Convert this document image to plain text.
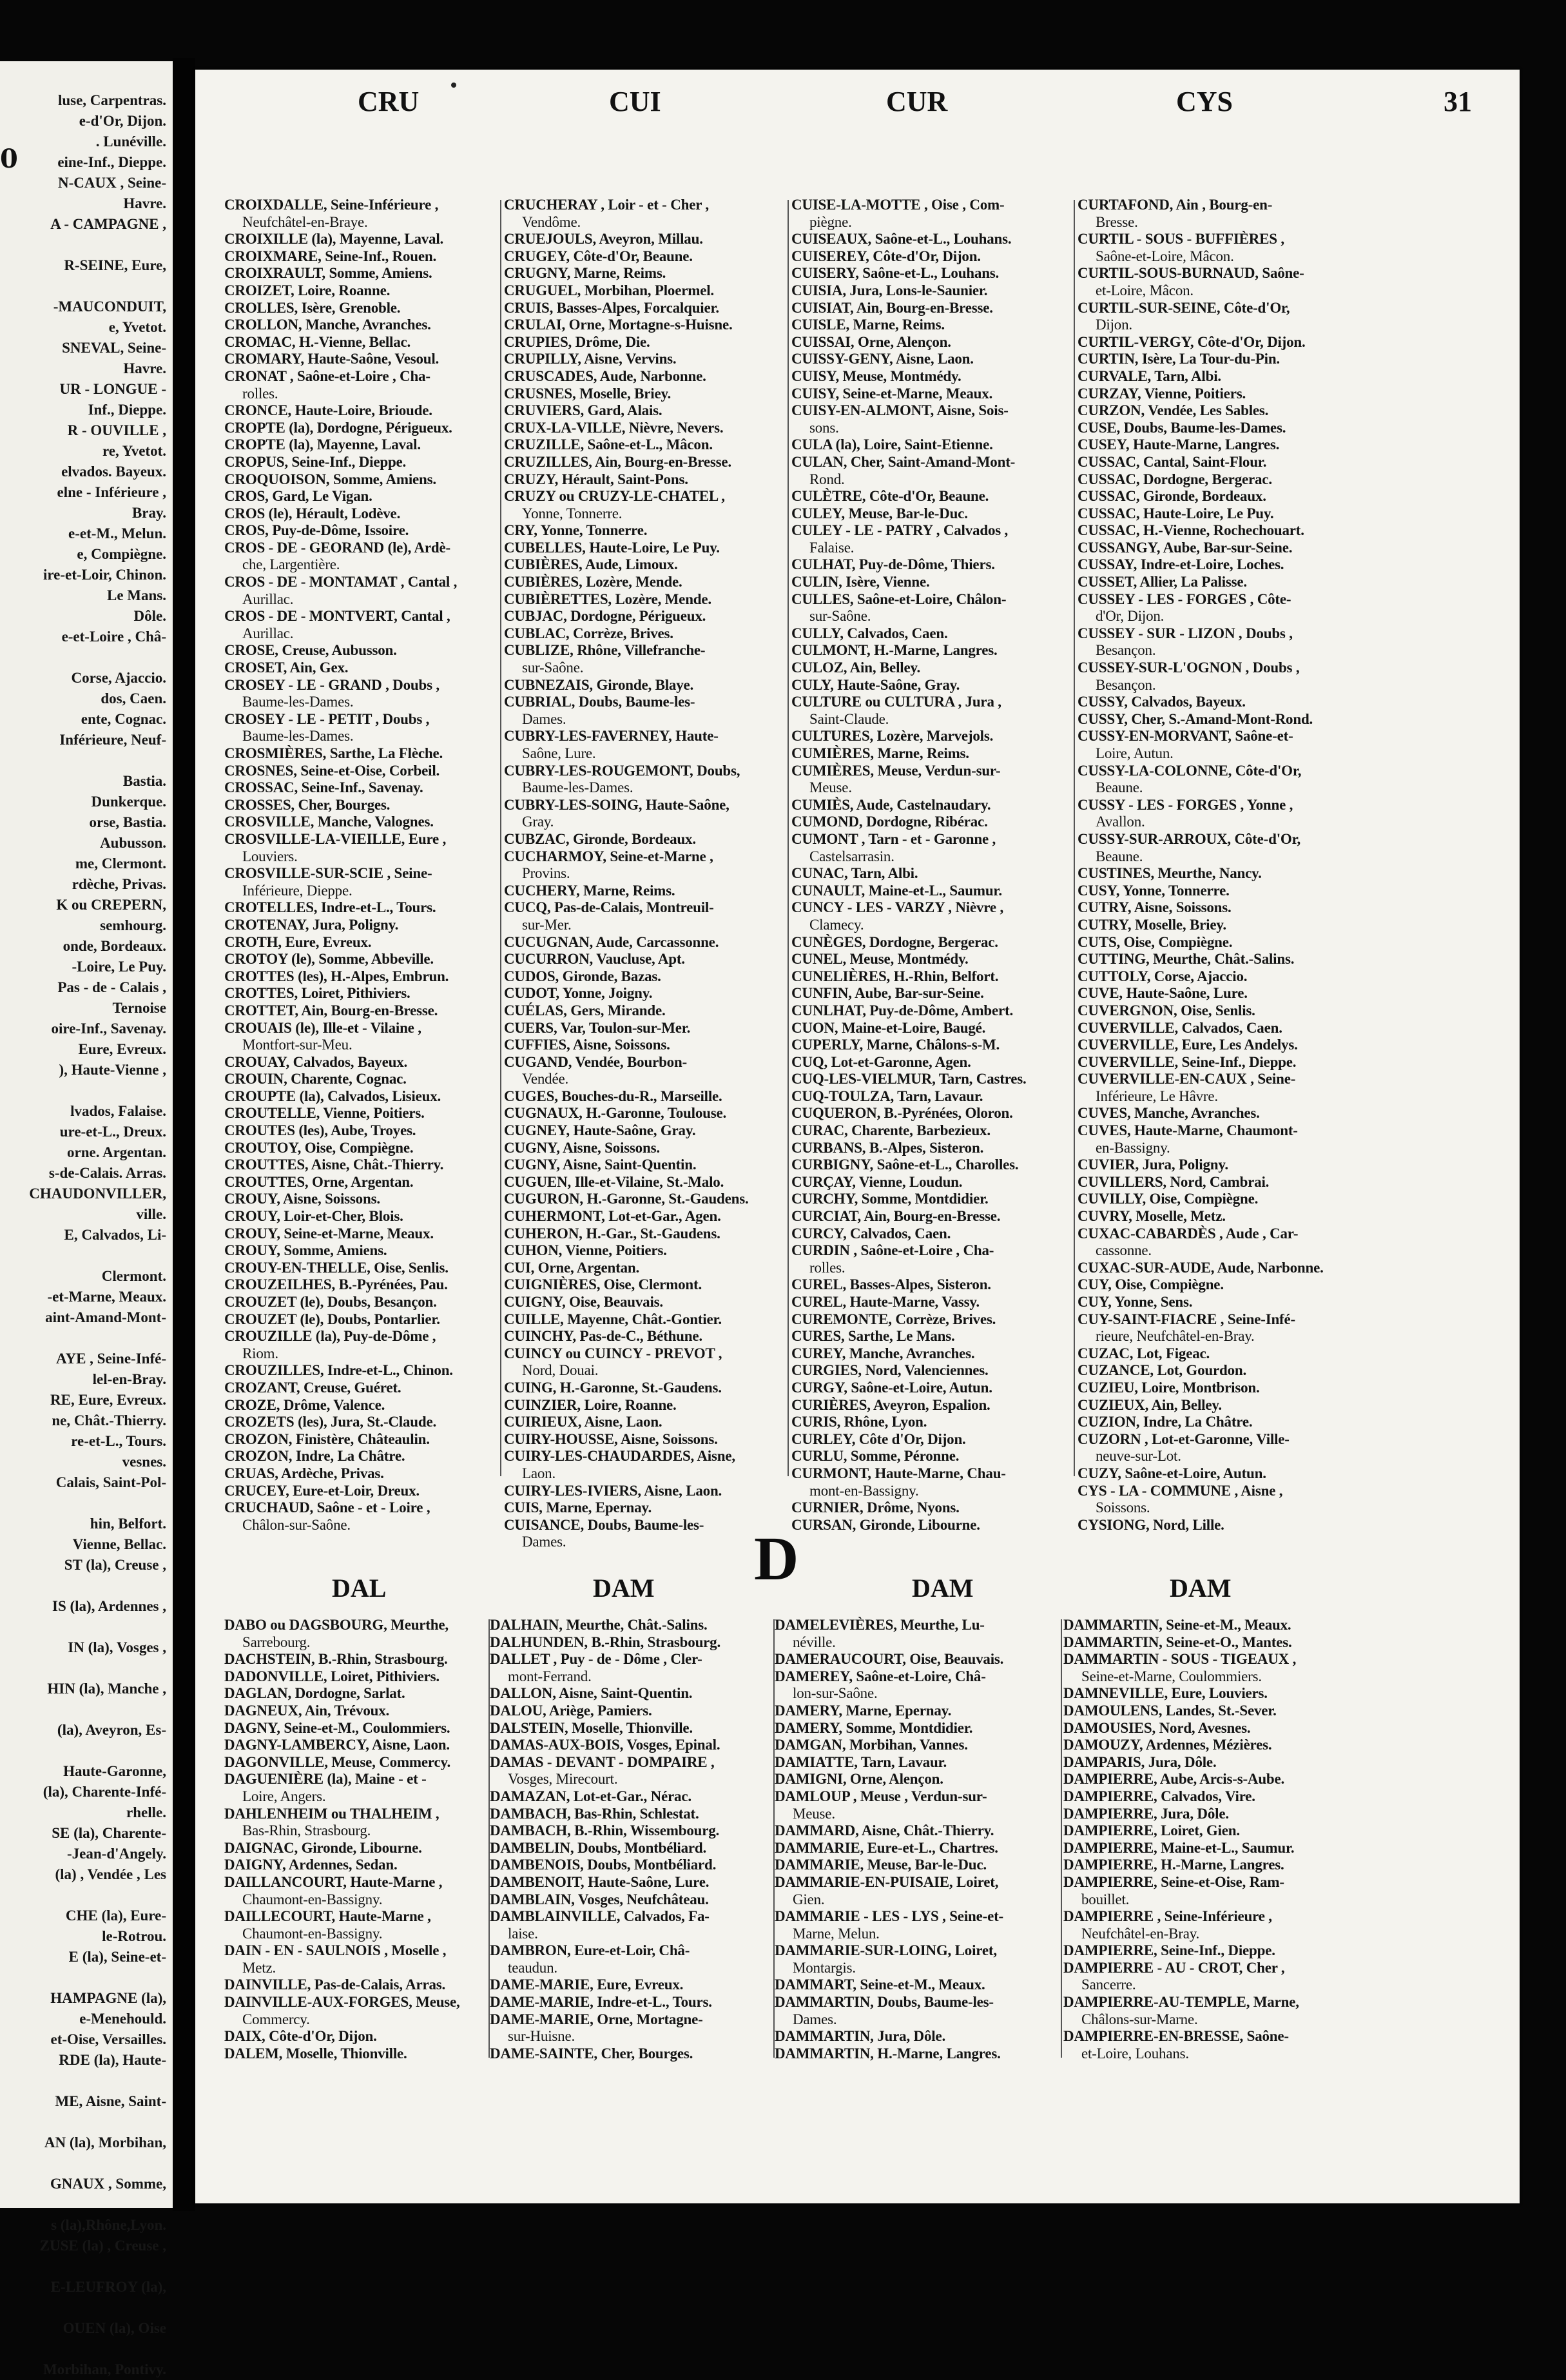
0
luse, Carpentras.
e-d'Or, Dijon.
. Lunéville.
eine-Inf., Dieppe.
N-CAUX , Seine-
Havre.
A - CAMPAGNE ,

R-SEINE, Eure,

-MAUCONDUIT,
e, Yvetot.
SNEVAL, Seine-
Havre.
UR - LONGUE -
Inf., Dieppe.
R - OUVILLE ,
re, Yvetot.
elvados. Bayeux.
elne - Inférieure ,
Bray.
e-et-M., Melun.
e, Compiègne.
ire-et-Loir, Chinon.
Le Mans.
Dôle.
e-et-Loire , Châ-

Corse, Ajaccio.
dos, Caen.
ente, Cognac.
Inférieure, Neuf-

Bastia.
Dunkerque.
orse, Bastia.
Aubusson.
me, Clermont.
rdèche, Privas.
K ou CREPERN,
semhourg.
onde, Bordeaux.
-Loire, Le Puy.
Pas - de - Calais ,
Ternoise
oire-Inf., Savenay.
Eure, Evreux.
), Haute-Vienne ,

lvados, Falaise.
ure-et-L., Dreux.
orne. Argentan.
s-de-Calais. Arras.
CHAUDONVILLER,
ville.
E, Calvados, Li-

Clermont.
-et-Marne, Meaux.
aint-Amand-Mont-

AYE , Seine-Infé-
lel-en-Bray.
RE, Eure, Evreux.
ne, Chât.-Thierry.
re-et-L., Tours.
vesnes.
Calais, Saint-Pol-

hin, Belfort.
Vienne, Bellac.
ST (la), Creuse ,

IS (la), Ardennes ,

IN (la), Vosges ,

HIN (la), Manche ,

(la), Aveyron, Es-

Haute-Garonne,
(la), Charente-Infé-
rhelle.
SE (la), Charente-
-Jean-d'Angely.
(la) , Vendée , Les

CHE (la), Eure-
le-Rotrou.
E (la), Seine-et-

HAMPAGNE (la),
e-Menehould.
et-Oise, Versailles.
RDE (la), Haute-

ME, Aisne, Saint-

AN (la), Morbihan,

GNAUX , Somme,

s (la),Rhône,Lyon.
ZUSE (la) , Creuse ,

E-LEUFROY (la),

OUEN (la), Oise

Morbihan, Pontivy.
CRU	CUI	CUR	CYS	31
CROIXDALLE, Seine-Inférieure ,
Neufchâtel-en-Braye.
CROIXILLE (la), Mayenne, Laval.
CROIXMARE, Seine-Inf., Rouen.
CROIXRAULT, Somme, Amiens.
CROIZET, Loire, Roanne.
CROLLES, Isère, Grenoble.
CROLLON, Manche, Avranches.
CROMAC, H.-Vienne, Bellac.
CROMARY, Haute-Saône, Vesoul.
CRONAT , Saône-et-Loire , Cha-
rolles.
CRONCE, Haute-Loire, Brioude.
CROPTE (la), Dordogne, Périgueux.
CROPTE (la), Mayenne, Laval.
CROPUS, Seine-Inf., Dieppe.
CROQUOISON, Somme, Amiens.
CROS, Gard, Le Vigan.
CROS (le), Hérault, Lodève.
CROS, Puy-de-Dôme, Issoire.
CROS - DE - GEORAND (le), Ardè-
che, Largentière.
CROS - DE - MONTAMAT , Cantal ,
Aurillac.
CROS - DE - MONTVERT, Cantal ,
Aurillac.
CROSE, Creuse, Aubusson.
CROSET, Ain, Gex.
CROSEY - LE - GRAND , Doubs ,
Baume-les-Dames.
CROSEY - LE - PETIT , Doubs ,
Baume-les-Dames.
CROSMIÈRES, Sarthe, La Flèche.
CROSNES, Seine-et-Oise, Corbeil.
CROSSAC, Seine-Inf., Savenay.
CROSSES, Cher, Bourges.
CROSVILLE, Manche, Valognes.
CROSVILLE-LA-VIEILLE, Eure ,
Louviers.
CROSVILLE-SUR-SCIE , Seine-
Inférieure, Dieppe.
CROTELLES, Indre-et-L., Tours.
CROTENAY, Jura, Poligny.
CROTH, Eure, Evreux.
CROTOY (le), Somme, Abbeville.
CROTTES (les), H.-Alpes, Embrun.
CROTTES, Loiret, Pithiviers.
CROTTET, Ain, Bourg-en-Bresse.
CROUAIS (le), Ille-et - Vilaine ,
Montfort-sur-Meu.
CROUAY, Calvados, Bayeux.
CROUIN, Charente, Cognac.
CROUPTE (la), Calvados, Lisieux.
CROUTELLE, Vienne, Poitiers.
CROUTES (les), Aube, Troyes.
CROUTOY, Oise, Compiègne.
CROUTTES, Aisne, Chât.-Thierry.
CROUTTES, Orne, Argentan.
CROUY, Aisne, Soissons.
CROUY, Loir-et-Cher, Blois.
CROUY, Seine-et-Marne, Meaux.
CROUY, Somme, Amiens.
CROUY-EN-THELLE, Oise, Senlis.
CROUZEILHES, B.-Pyrénées, Pau.
CROUZET (le), Doubs, Besançon.
CROUZET (le), Doubs, Pontarlier.
CROUZILLE (la), Puy-de-Dôme ,
Riom.
CROUZILLES, Indre-et-L., Chinon.
CROZANT, Creuse, Guéret.
CROZE, Drôme, Valence.
CROZETS (les), Jura, St.-Claude.
CROZON, Finistère, Châteaulin.
CROZON, Indre, La Châtre.
CRUAS, Ardèche, Privas.
CRUCEY, Eure-et-Loir, Dreux.
CRUCHAUD, Saône - et - Loire ,
Châlon-sur-Saône.
CRUCHERAY , Loir - et - Cher ,
Vendôme.
CRUEJOULS, Aveyron, Millau.
CRUGEY, Côte-d'Or, Beaune.
CRUGNY, Marne, Reims.
CRUGUEL, Morbihan, Ploermel.
CRUIS, Basses-Alpes, Forcalquier.
CRULAI, Orne, Mortagne-s-Huisne.
CRUPIES, Drôme, Die.
CRUPILLY, Aisne, Vervins.
CRUSCADES, Aude, Narbonne.
CRUSNES, Moselle, Briey.
CRUVIERS, Gard, Alais.
CRUX-LA-VILLE, Nièvre, Nevers.
CRUZILLE, Saône-et-L., Mâcon.
CRUZILLES, Ain, Bourg-en-Bresse.
CRUZY, Hérault, Saint-Pons.
CRUZY ou CRUZY-LE-CHATEL ,
Yonne, Tonnerre.
CRY, Yonne, Tonnerre.
CUBELLES, Haute-Loire, Le Puy.
CUBIÈRES, Aude, Limoux.
CUBIÈRES, Lozère, Mende.
CUBIÈRETTES, Lozère, Mende.
CUBJAC, Dordogne, Périgueux.
CUBLAC, Corrèze, Brives.
CUBLIZE, Rhône, Villefranche-
sur-Saône.
CUBNEZAIS, Gironde, Blaye.
CUBRIAL, Doubs, Baume-les-
Dames.
CUBRY-LES-FAVERNEY, Haute-
Saône, Lure.
CUBRY-LES-ROUGEMONT, Doubs,
Baume-les-Dames.
CUBRY-LES-SOING, Haute-Saône,
Gray.
CUBZAC, Gironde, Bordeaux.
CUCHARMOY, Seine-et-Marne ,
Provins.
CUCHERY, Marne, Reims.
CUCQ, Pas-de-Calais, Montreuil-
sur-Mer.
CUCUGNAN, Aude, Carcassonne.
CUCURRON, Vaucluse, Apt.
CUDOS, Gironde, Bazas.
CUDOT, Yonne, Joigny.
CUÉLAS, Gers, Mirande.
CUERS, Var, Toulon-sur-Mer.
CUFFIES, Aisne, Soissons.
CUGAND, Vendée, Bourbon-
Vendée.
CUGES, Bouches-du-R., Marseille.
CUGNAUX, H.-Garonne, Toulouse.
CUGNEY, Haute-Saône, Gray.
CUGNY, Aisne, Soissons.
CUGNY, Aisne, Saint-Quentin.
CUGUEN, Ille-et-Vilaine, St.-Malo.
CUGURON, H.-Garonne, St.-Gaudens.
CUHERMONT, Lot-et-Gar., Agen.
CUHERON, H.-Gar., St.-Gaudens.
CUHON, Vienne, Poitiers.
CUI, Orne, Argentan.
CUIGNIÈRES, Oise, Clermont.
CUIGNY, Oise, Beauvais.
CUILLE, Mayenne, Chât.-Gontier.
CUINCHY, Pas-de-C., Béthune.
CUINCY ou CUINCY - PREVOT ,
Nord, Douai.
CUING, H.-Garonne, St.-Gaudens.
CUINZIER, Loire, Roanne.
CUIRIEUX, Aisne, Laon.
CUIRY-HOUSSE, Aisne, Soissons.
CUIRY-LES-CHAUDARDES, Aisne,
Laon.
CUIRY-LES-IVIERS, Aisne, Laon.
CUIS, Marne, Epernay.
CUISANCE, Doubs, Baume-les-
Dames.
CUISE-LA-MOTTE , Oise , Com-
piègne.
CUISEAUX, Saône-et-L., Louhans.
CUISEREY, Côte-d'Or, Dijon.
CUISERY, Saône-et-L., Louhans.
CUISIA, Jura, Lons-le-Saunier.
CUISIAT, Ain, Bourg-en-Bresse.
CUISLE, Marne, Reims.
CUISSAI, Orne, Alençon.
CUISSY-GENY, Aisne, Laon.
CUISY, Meuse, Montmédy.
CUISY, Seine-et-Marne, Meaux.
CUISY-EN-ALMONT, Aisne, Sois-
sons.
CULA (la), Loire, Saint-Etienne.
CULAN, Cher, Saint-Amand-Mont-
Rond.
CULÈTRE, Côte-d'Or, Beaune.
CULEY, Meuse, Bar-le-Duc.
CULEY - LE - PATRY , Calvados ,
Falaise.
CULHAT, Puy-de-Dôme, Thiers.
CULIN, Isère, Vienne.
CULLES, Saône-et-Loire, Châlon-
sur-Saône.
CULLY, Calvados, Caen.
CULMONT, H.-Marne, Langres.
CULOZ, Ain, Belley.
CULY, Haute-Saône, Gray.
CULTURE ou CULTURA , Jura ,
Saint-Claude.
CULTURES, Lozère, Marvejols.
CUMIÈRES, Marne, Reims.
CUMIÈRES, Meuse, Verdun-sur-
Meuse.
CUMIÈS, Aude, Castelnaudary.
CUMOND, Dordogne, Ribérac.
CUMONT , Tarn - et - Garonne ,
Castelsarrasin.
CUNAC, Tarn, Albi.
CUNAULT, Maine-et-L., Saumur.
CUNCY - LES - VARZY , Nièvre ,
Clamecy.
CUNÈGES, Dordogne, Bergerac.
CUNEL, Meuse, Montmédy.
CUNELIÈRES, H.-Rhin, Belfort.
CUNFIN, Aube, Bar-sur-Seine.
CUNLHAT, Puy-de-Dôme, Ambert.
CUON, Maine-et-Loire, Baugé.
CUPERLY, Marne, Châlons-s-M.
CUQ, Lot-et-Garonne, Agen.
CUQ-LES-VIELMUR, Tarn, Castres.
CUQ-TOULZA, Tarn, Lavaur.
CUQUERON, B.-Pyrénées, Oloron.
CURAC, Charente, Barbezieux.
CURBANS, B.-Alpes, Sisteron.
CURBIGNY, Saône-et-L., Charolles.
CURÇAY, Vienne, Loudun.
CURCHY, Somme, Montdidier.
CURCIAT, Ain, Bourg-en-Bresse.
CURCY, Calvados, Caen.
CURDIN , Saône-et-Loire , Cha-
rolles.
CUREL, Basses-Alpes, Sisteron.
CUREL, Haute-Marne, Vassy.
CUREMONTE, Corrèze, Brives.
CURES, Sarthe, Le Mans.
CUREY, Manche, Avranches.
CURGIES, Nord, Valenciennes.
CURGY, Saône-et-Loire, Autun.
CURIÈRES, Aveyron, Espalion.
CURIS, Rhône, Lyon.
CURLEY, Côte d'Or, Dijon.
CURLU, Somme, Péronne.
CURMONT, Haute-Marne, Chau-
mont-en-Bassigny.
CURNIER, Drôme, Nyons.
CURSAN, Gironde, Libourne.
CURTAFOND, Ain , Bourg-en-
Bresse.
CURTIL - SOUS - BUFFIÈRES ,
Saône-et-Loire, Mâcon.
CURTIL-SOUS-BURNAUD, Saône-
et-Loire, Mâcon.
CURTIL-SUR-SEINE, Côte-d'Or,
Dijon.
CURTIL-VERGY, Côte-d'Or, Dijon.
CURTIN, Isère, La Tour-du-Pin.
CURVALE, Tarn, Albi.
CURZAY, Vienne, Poitiers.
CURZON, Vendée, Les Sables.
CUSE, Doubs, Baume-les-Dames.
CUSEY, Haute-Marne, Langres.
CUSSAC, Cantal, Saint-Flour.
CUSSAC, Dordogne, Bergerac.
CUSSAC, Gironde, Bordeaux.
CUSSAC, Haute-Loire, Le Puy.
CUSSAC, H.-Vienne, Rochechouart.
CUSSANGY, Aube, Bar-sur-Seine.
CUSSAY, Indre-et-Loire, Loches.
CUSSET, Allier, La Palisse.
CUSSEY - LES - FORGES , Côte-
d'Or, Dijon.
CUSSEY - SUR - LIZON , Doubs ,
Besançon.
CUSSEY-SUR-L'OGNON , Doubs ,
Besançon.
CUSSY, Calvados, Bayeux.
CUSSY, Cher, S.-Amand-Mont-Rond.
CUSSY-EN-MORVANT, Saône-et-
Loire, Autun.
CUSSY-LA-COLONNE, Côte-d'Or,
Beaune.
CUSSY - LES - FORGES , Yonne ,
Avallon.
CUSSY-SUR-ARROUX, Côte-d'Or,
Beaune.
CUSTINES, Meurthe, Nancy.
CUSY, Yonne, Tonnerre.
CUTRY, Aisne, Soissons.
CUTRY, Moselle, Briey.
CUTS, Oise, Compiègne.
CUTTING, Meurthe, Chât.-Salins.
CUTTOLY, Corse, Ajaccio.
CUVE, Haute-Saône, Lure.
CUVERGNON, Oise, Senlis.
CUVERVILLE, Calvados, Caen.
CUVERVILLE, Eure, Les Andelys.
CUVERVILLE, Seine-Inf., Dieppe.
CUVERVILLE-EN-CAUX , Seine-
Inférieure, Le Hâvre.
CUVES, Manche, Avranches.
CUVES, Haute-Marne, Chaumont-
en-Bassigny.
CUVIER, Jura, Poligny.
CUVILLERS, Nord, Cambrai.
CUVILLY, Oise, Compiègne.
CUVRY, Moselle, Metz.
CUXAC-CABARDÈS , Aude , Car-
cassonne.
CUXAC-SUR-AUDE, Aude, Narbonne.
CUY, Oise, Compiègne.
CUY, Yonne, Sens.
CUY-SAINT-FIACRE , Seine-Infé-
rieure, Neufchâtel-en-Bray.
CUZAC, Lot, Figeac.
CUZANCE, Lot, Gourdon.
CUZIEU, Loire, Montbrison.
CUZIEUX, Ain, Belley.
CUZION, Indre, La Châtre.
CUZORN , Lot-et-Garonne, Ville-
neuve-sur-Lot.
CUZY, Saône-et-Loire, Autun.
CYS - LA - COMMUNE , Aisne ,
Soissons.
CYSIONG, Nord, Lille.
D
DAL	DAM	DAM	DAM
DABO ou DAGSBOURG, Meurthe,
Sarrebourg.
DACHSTEIN, B.-Rhin, Strasbourg.
DADONVILLE, Loiret, Pithiviers.
DAGLAN, Dordogne, Sarlat.
DAGNEUX, Ain, Trévoux.
DAGNY, Seine-et-M., Coulommiers.
DAGNY-LAMBERCY, Aisne, Laon.
DAGONVILLE, Meuse, Commercy.
DAGUENIÈRE (la), Maine - et -
Loire, Angers.
DAHLENHEIM ou THALHEIM ,
Bas-Rhin, Strasbourg.
DAIGNAC, Gironde, Libourne.
DAIGNY, Ardennes, Sedan.
DAILLANCOURT, Haute-Marne ,
Chaumont-en-Bassigny.
DAILLECOURT, Haute-Marne ,
Chaumont-en-Bassigny.
DAIN - EN - SAULNOIS , Moselle ,
Metz.
DAINVILLE, Pas-de-Calais, Arras.
DAINVILLE-AUX-FORGES, Meuse,
Commercy.
DAIX, Côte-d'Or, Dijon.
DALEM, Moselle, Thionville.
DALHAIN, Meurthe, Chât.-Salins.
DALHUNDEN, B.-Rhin, Strasbourg.
DALLET , Puy - de - Dôme , Cler-
mont-Ferrand.
DALLON, Aisne, Saint-Quentin.
DALOU, Ariège, Pamiers.
DALSTEIN, Moselle, Thionville.
DAMAS-AUX-BOIS, Vosges, Epinal.
DAMAS - DEVANT - DOMPAIRE ,
Vosges, Mirecourt.
DAMAZAN, Lot-et-Gar., Nérac.
DAMBACH, Bas-Rhin, Schlestat.
DAMBACH, B.-Rhin, Wissembourg.
DAMBELIN, Doubs, Montbéliard.
DAMBENOIS, Doubs, Montbéliard.
DAMBENOIT, Haute-Saône, Lure.
DAMBLAIN, Vosges, Neufchâteau.
DAMBLAINVILLE, Calvados, Fa-
laise.
DAMBRON, Eure-et-Loir, Châ-
teaudun.
DAME-MARIE, Eure, Evreux.
DAME-MARIE, Indre-et-L., Tours.
DAME-MARIE, Orne, Mortagne-
sur-Huisne.
DAME-SAINTE, Cher, Bourges.
DAMELEVIÈRES, Meurthe, Lu-
néville.
DAMERAUCOURT, Oise, Beauvais.
DAMEREY, Saône-et-Loire, Châ-
lon-sur-Saône.
DAMERY, Marne, Epernay.
DAMERY, Somme, Montdidier.
DAMGAN, Morbihan, Vannes.
DAMIATTE, Tarn, Lavaur.
DAMIGNI, Orne, Alençon.
DAMLOUP , Meuse , Verdun-sur-
Meuse.
DAMMARD, Aisne, Chât.-Thierry.
DAMMARIE, Eure-et-L., Chartres.
DAMMARIE, Meuse, Bar-le-Duc.
DAMMARIE-EN-PUISAIE, Loiret,
Gien.
DAMMARIE - LES - LYS , Seine-et-
Marne, Melun.
DAMMARIE-SUR-LOING, Loiret,
Montargis.
DAMMART, Seine-et-M., Meaux.
DAMMARTIN, Doubs, Baume-les-
Dames.
DAMMARTIN, Jura, Dôle.
DAMMARTIN, H.-Marne, Langres.
DAMMARTIN, Seine-et-M., Meaux.
DAMMARTIN, Seine-et-O., Mantes.
DAMMARTIN - SOUS - TIGEAUX ,
Seine-et-Marne, Coulommiers.
DAMNEVILLE, Eure, Louviers.
DAMOULENS, Landes, St.-Sever.
DAMOUSIES, Nord, Avesnes.
DAMOUZY, Ardennes, Mézières.
DAMPARIS, Jura, Dôle.
DAMPIERRE, Aube, Arcis-s-Aube.
DAMPIERRE, Calvados, Vire.
DAMPIERRE, Jura, Dôle.
DAMPIERRE, Loiret, Gien.
DAMPIERRE, Maine-et-L., Saumur.
DAMPIERRE, H.-Marne, Langres.
DAMPIERRE, Seine-et-Oise, Ram-
bouillet.
DAMPIERRE , Seine-Inférieure ,
Neufchâtel-en-Bray.
DAMPIERRE, Seine-Inf., Dieppe.
DAMPIERRE - AU - CROT, Cher ,
Sancerre.
DAMPIERRE-AU-TEMPLE, Marne,
Châlons-sur-Marne.
DAMPIERRE-EN-BRESSE, Saône-
et-Loire, Louhans.
